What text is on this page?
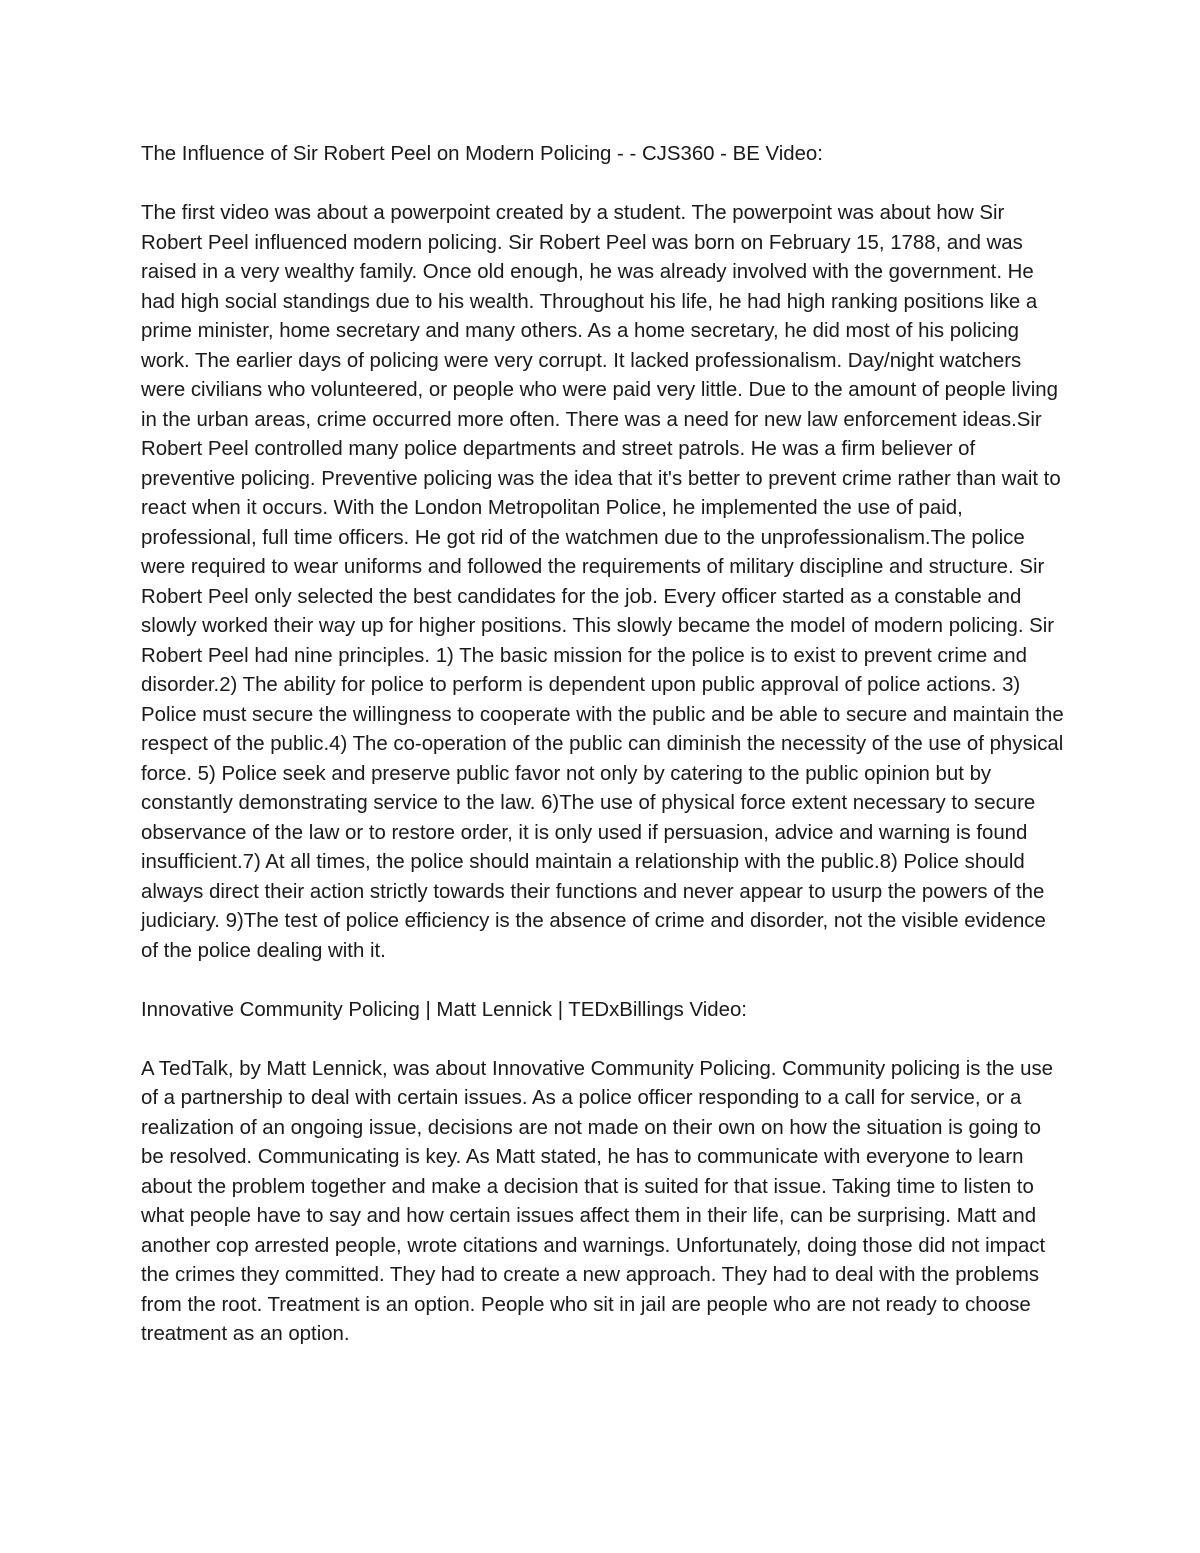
The Influence of Sir Robert Peel on Modern Policing - - CJS360 - BE Video:

The first video was about a powerpoint created by a student. The powerpoint was about how Sir Robert Peel influenced modern policing. Sir Robert Peel was born on February 15, 1788, and was raised in a very wealthy family. Once old enough, he was already involved with the government. He had high social standings due to his wealth. Throughout his life, he had high ranking positions like a prime minister, home secretary and many others. As a home secretary, he did most of his policing work. The earlier days of policing were very corrupt. It lacked professionalism. Day/night watchers were civilians who volunteered, or people who were paid very little. Due to the amount of people living in the urban areas, crime occurred more often. There was a need for new law enforcement ideas.Sir Robert Peel controlled many police departments and street patrols. He was a firm believer of preventive policing. Preventive policing was the idea that it's better to prevent crime rather than wait to react when it occurs. With the London Metropolitan Police, he implemented the use of paid, professional, full time officers. He got rid of the watchmen due to the unprofessionalism.The police were required to wear uniforms and followed the requirements of military discipline and structure. Sir Robert Peel only selected the best candidates for the job. Every officer started as a constable and slowly worked their way up for higher positions. This slowly became the model of modern policing. Sir Robert Peel had nine principles. 1) The basic mission for the police is to exist to prevent crime and disorder.2) The ability for police to perform is dependent upon public approval of police actions. 3) Police must secure the willingness to cooperate with the public and be able to secure and maintain the respect of the public.4) The co-operation of the public can diminish the necessity of the use of physical force. 5) Police seek and preserve public favor not only by catering to the public opinion but by constantly demonstrating service to the law. 6)The use of physical force extent necessary to secure observance of the law or to restore order, it is only used if persuasion, advice and warning is found insufficient.7) At all times, the police should maintain a relationship with the public.8) Police should always direct their action strictly towards their functions and never appear to usurp the powers of the judiciary. 9)The test of police efficiency is the absence of crime and disorder, not the visible evidence of the police dealing with it.

Innovative Community Policing | Matt Lennick | TEDxBillings Video:

A TedTalk, by Matt Lennick, was about Innovative Community Policing. Community policing is the use of a partnership to deal with certain issues. As a police officer responding to a call for service, or a realization of an ongoing issue, decisions are not made on their own on how the situation is going to be resolved. Communicating is key. As Matt stated, he has to communicate with everyone to learn about the problem together and make a decision that is suited for that issue. Taking time to listen to what people have to say and how certain issues affect them in their life, can be surprising. Matt and another cop arrested people, wrote citations and warnings. Unfortunately, doing those did not impact the crimes they committed. They had to create a new approach. They had to deal with the problems from the root. Treatment is an option. People who sit in jail are people who are not ready to choose treatment as an option.
